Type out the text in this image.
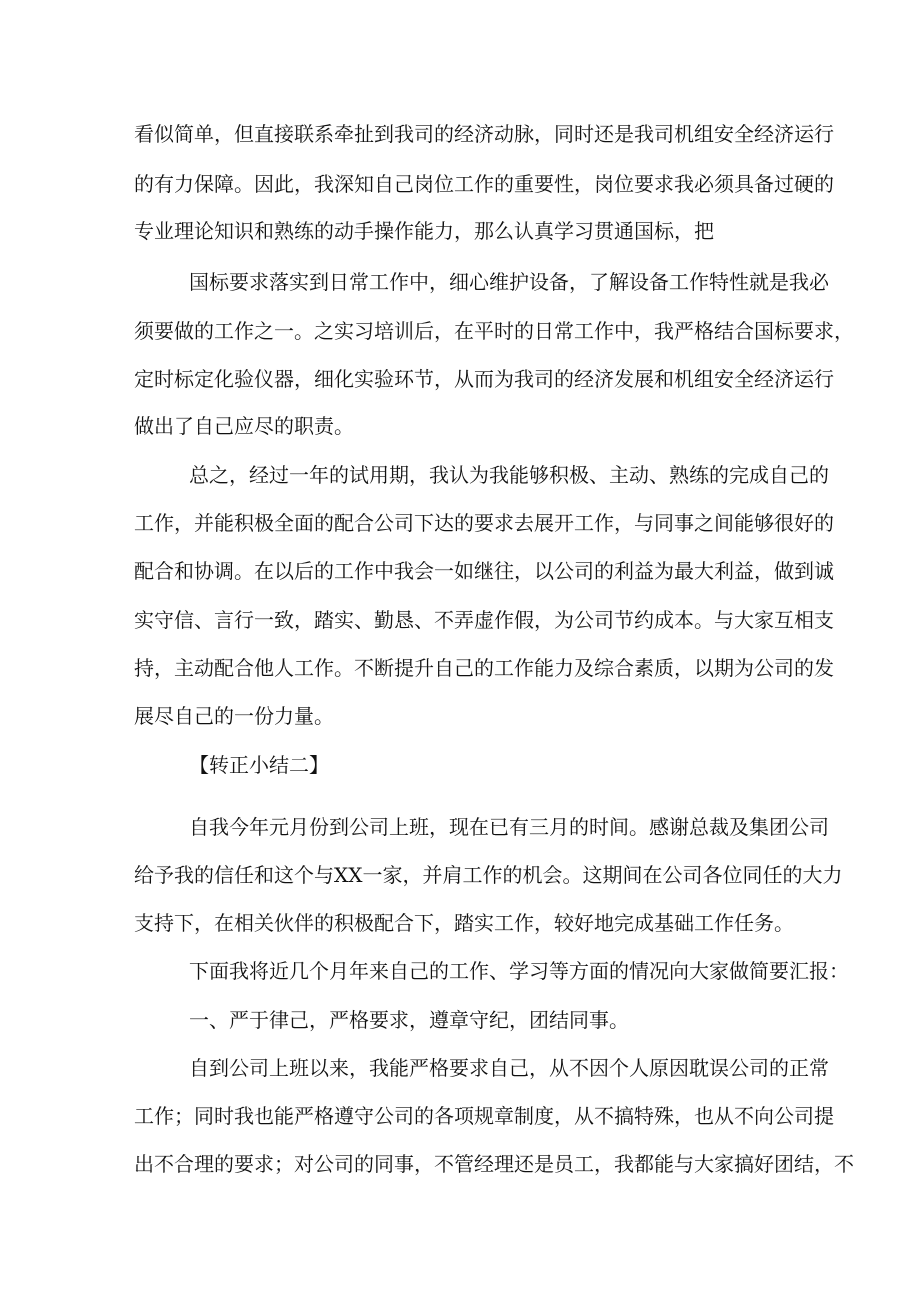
看似简单，但直接联系牵扯到我司的经济动脉，同时还是我司机组安全经济运行

的有力保障。因此，我深知自己岗位工作的重要性，岗位要求我必须具备过硬的

专业理论知识和熟练的动手操作能力，那么认真学习贯通国标，把

国标要求落实到日常工作中，细心维护设备，了解设备工作特性就是我必

须要做的工作之一。之实习培训后，在平时的日常工作中，我严格结合国标要求，

定时标定化验仪器，细化实验环节，从而为我司的经济发展和机组安全经济运行

做出了自己应尽的职责。

总之，经过一年的试用期，我认为我能够积极、主动、熟练的完成自己的

工作，并能积极全面的配合公司下达的要求去展开工作，与同事之间能够很好的

配合和协调。在以后的工作中我会一如继往，以公司的利益为最大利益，做到诚

实守信、言行一致，踏实、勤恳、不弄虚作假，为公司节约成本。与大家互相支

持，主动配合他人工作。不断提升自己的工作能力及综合素质，以期为公司的发

展尽自己的一份力量。

【转正小结二】

自我今年元月份到公司上班，现在已有三月的时间。感谢总裁及集团公司

给予我的信任和这个与XX一家，并肩工作的机会。这期间在公司各位同任的大力

支持下，在相关伙伴的积极配合下，踏实工作，较好地完成基础工作任务。

下面我将近几个月年来自己的工作、学习等方面的情况向大家做简要汇报：

一、严于律己，严格要求，遵章守纪，团结同事。

自到公司上班以来，我能严格要求自己，从不因个人原因耽误公司的正常

工作；同时我也能严格遵守公司的各项规章制度，从不搞特殊，也从不向公司提

出不合理的要求；对公司的同事，不管经理还是员工，我都能与大家搞好团结，不
